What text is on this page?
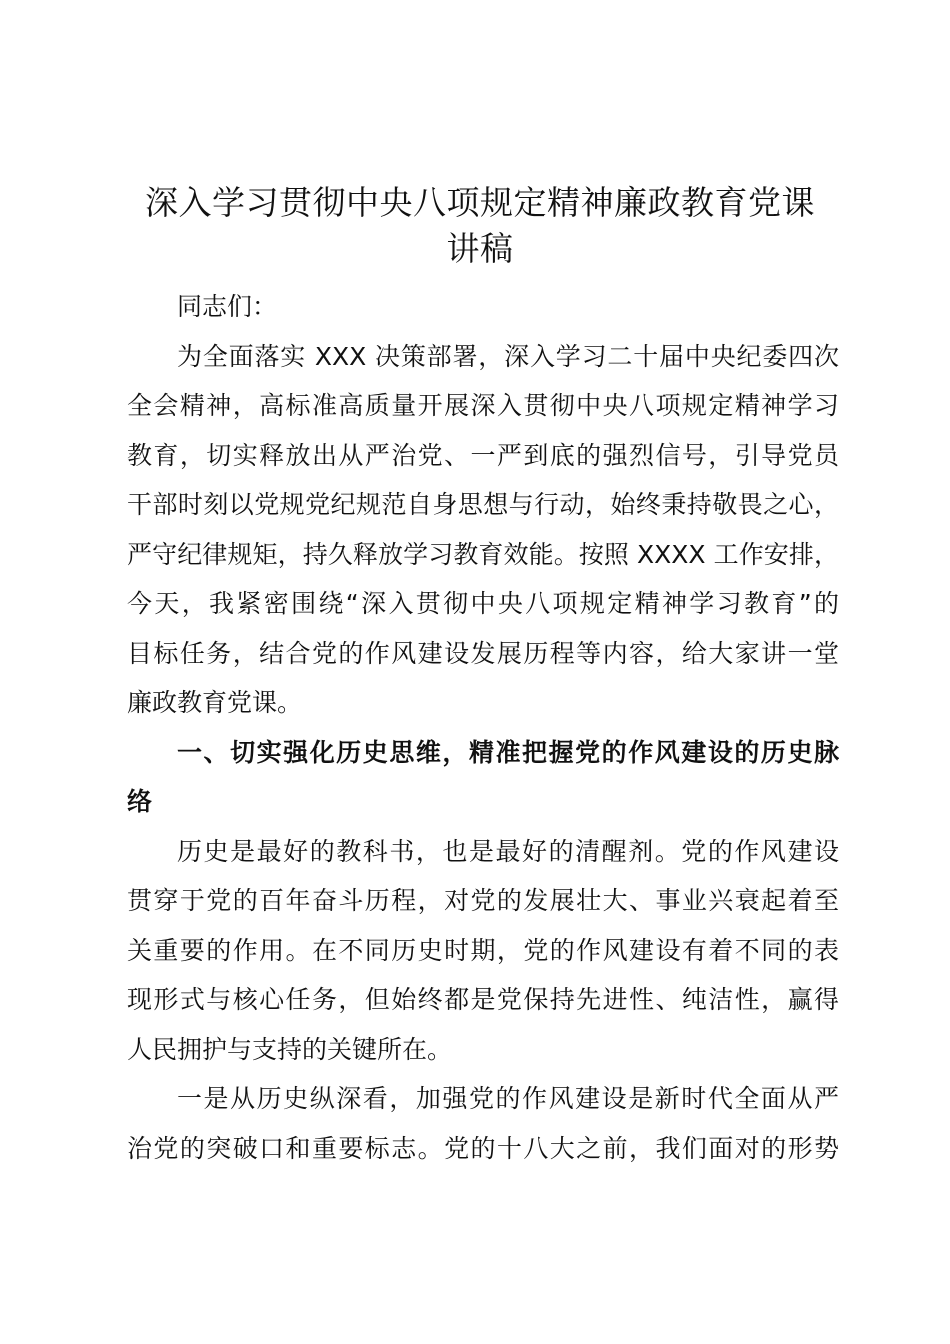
深入学习贯彻中央八项规定精神廉政教育党课
讲稿

同志们：

为全面落实 XXX 决策部署，深入学习二十届中央纪委四次
全会精神，高标准高质量开展深入贯彻中央八项规定精神学习
教育，切实释放出从严治党、一严到底的强烈信号，引导党员
干部时刻以党规党纪规范自身思想与行动，始终秉持敬畏之心，
严守纪律规矩，持久释放学习教育效能。按照 XXXX 工作安排，
今天，我紧密围绕“深入贯彻中央八项规定精神学习教育”的
目标任务，结合党的作风建设发展历程等内容，给大家讲一堂
廉政教育党课。

一、切实强化历史思维，精准把握党的作风建设的历史脉
络

历史是最好的教科书，也是最好的清醒剂。党的作风建设
贯穿于党的百年奋斗历程，对党的发展壮大、事业兴衰起着至
关重要的作用。在不同历史时期，党的作风建设有着不同的表
现形式与核心任务，但始终都是党保持先进性、纯洁性，赢得
人民拥护与支持的关键所在。

一是从历史纵深看，加强党的作风建设是新时代全面从严
治党的突破口和重要标志。党的十八大之前，我们面对的形势
